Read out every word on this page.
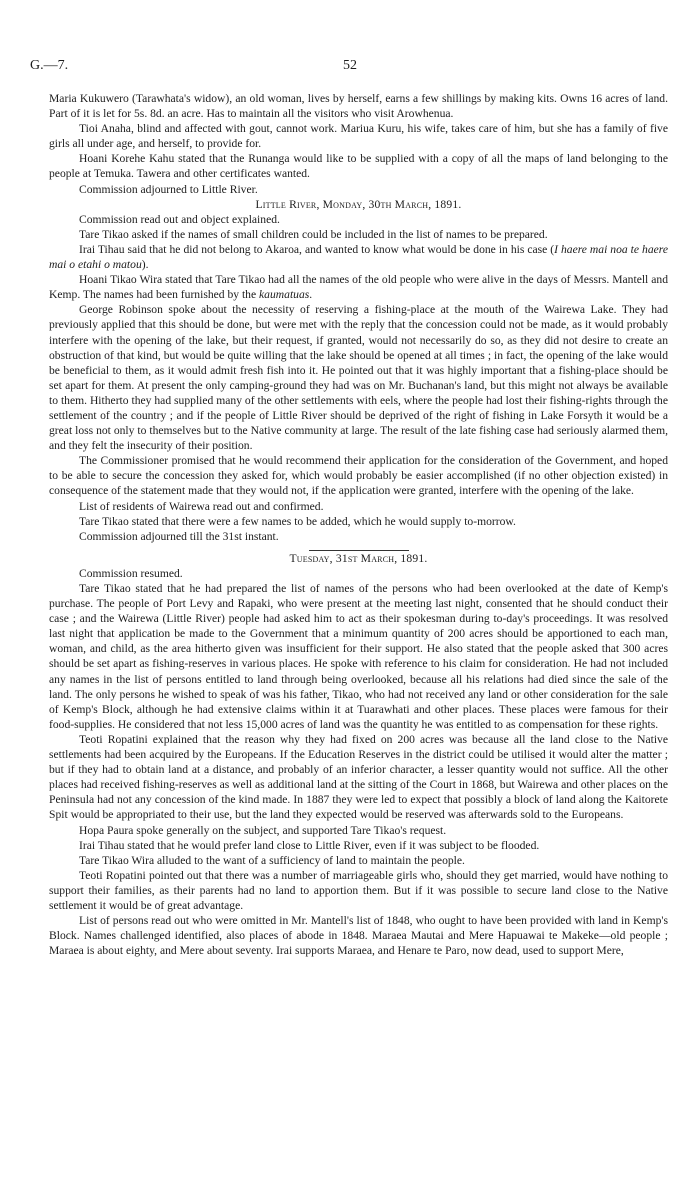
G.—7.	52

Maria Kukuwero (Tarawhata's widow), an old woman, lives by herself, earns a few shillings by making kits. Owns 16 acres of land. Part of it is let for 5s. 8d. an acre. Has to maintain all the visitors who visit Arowhenua.

Tioi Anaha, blind and affected with gout, cannot work. Mariua Kuru, his wife, takes care of him, but she has a family of five girls all under age, and herself, to provide for.

Hoani Korehe Kahu stated that the Runanga would like to be supplied with a copy of all the maps of land belonging to the people at Temuka. Tawera and other certificates wanted.

Commission adjourned to Little River.

Little River, Monday, 30th March, 1891.

Commission read out and object explained.

Tare Tikao asked if the names of small children could be included in the list of names to be prepared.

Irai Tihau said that he did not belong to Akaroa, and wanted to know what would be done in his case (I haere mai noa te haere mai o etahi o matou).

Hoani Tikao Wira stated that Tare Tikao had all the names of the old people who were alive in the days of Messrs. Mantell and Kemp. The names had been furnished by the kaumatuas.

George Robinson spoke about the necessity of reserving a fishing-place at the mouth of the Wairewa Lake. They had previously applied that this should be done, but were met with the reply that the concession could not be made, as it would probably interfere with the opening of the lake, but their request, if granted, would not necessarily do so, as they did not desire to create an obstruction of that kind, but would be quite willing that the lake should be opened at all times ; in fact, the opening of the lake would be beneficial to them, as it would admit fresh fish into it. He pointed out that it was highly important that a fishing-place should be set apart for them. At present the only camping-ground they had was on Mr. Buchanan's land, but this might not always be available to them. Hitherto they had supplied many of the other settlements with eels, where the people had lost their fishing-rights through the settlement of the country ; and if the people of Little River should be deprived of the right of fishing in Lake Forsyth it would be a great loss not only to themselves but to the Native community at large. The result of the late fishing case had seriously alarmed them, and they felt the insecurity of their position.

The Commissioner promised that he would recommend their application for the consideration of the Government, and hoped to be able to secure the concession they asked for, which would probably be easier accomplished (if no other objection existed) in consequence of the statement made that they would not, if the application were granted, interfere with the opening of the lake.

List of residents of Wairewa read out and confirmed.

Tare Tikao stated that there were a few names to be added, which he would supply to-morrow.

Commission adjourned till the 31st instant.

Tuesday, 31st March, 1891.

Commission resumed.

Tare Tikao stated that he had prepared the list of names of the persons who had been overlooked at the date of Kemp's purchase. The people of Port Levy and Rapaki, who were present at the meeting last night, consented that he should conduct their case ; and the Wairewa (Little River) people had asked him to act as their spokesman during to-day's proceedings. It was resolved last night that application be made to the Government that a minimum quantity of 200 acres should be apportioned to each man, woman, and child, as the area hitherto given was insufficient for their support. He also stated that the people asked that 300 acres should be set apart as fishing-reserves in various places. He spoke with reference to his claim for consideration. He had not included any names in the list of persons entitled to land through being overlooked, because all his relations had died since the sale of the land. The only persons he wished to speak of was his father, Tikao, who had not received any land or other consideration for the sale of Kemp's Block, although he had extensive claims within it at Tuarawhati and other places. These places were famous for their food-supplies. He considered that not less 15,000 acres of land was the quantity he was entitled to as compensation for these rights.

Teoti Ropatini explained that the reason why they had fixed on 200 acres was because all the land close to the Native settlements had been acquired by the Europeans. If the Education Reserves in the district could be utilised it would alter the matter ; but if they had to obtain land at a distance, and probably of an inferior character, a lesser quantity would not suffice. All the other places had received fishing-reserves as well as additional land at the sitting of the Court in 1868, but Wairewa and other places on the Peninsula had not any concession of the kind made. In 1887 they were led to expect that possibly a block of land along the Kaitorete Spit would be appropriated to their use, but the land they expected would be reserved was afterwards sold to the Europeans.

Hopa Paura spoke generally on the subject, and supported Tare Tikao's request.

Irai Tihau stated that he would prefer land close to Little River, even if it was subject to be flooded.

Tare Tikao Wira alluded to the want of a sufficiency of land to maintain the people.

Teoti Ropatini pointed out that there was a number of marriageable girls who, should they get married, would have nothing to support their families, as their parents had no land to apportion them. But if it was possible to secure land close to the Native settlement it would be of great advantage.

List of persons read out who were omitted in Mr. Mantell's list of 1848, who ought to have been provided with land in Kemp's Block. Names challenged identified, also places of abode in 1848. Maraea Mautai and Mere Hapuawai te Makeke—old people ; Maraea is about eighty, and Mere about seventy. Irai supports Maraea, and Henare te Paro, now dead, used to support Mere,
